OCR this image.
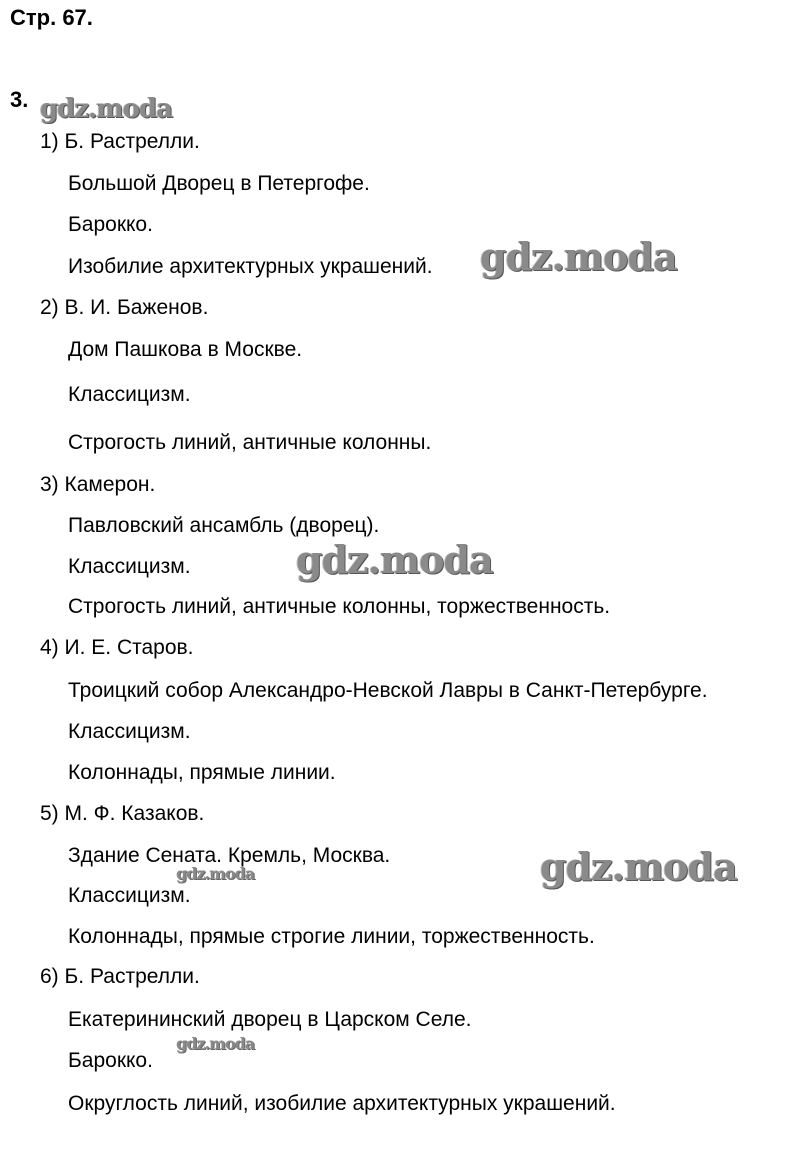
Стр. 67.
3.
1) Б. Растрелли.
Большой Дворец в Петергофе.
Барокко.
Изобилие архитектурных украшений.
2) В. И. Баженов.
Дом Пашкова в Москве.
Классицизм.
Строгость линий, античные колонны.
3) Камерон.
Павловский ансамбль (дворец).
Классицизм.
Строгость линий, античные колонны, торжественность.
4) И. Е. Старов.
Троицкий собор Александро-Невской Лавры в Санкт-Петербурге.
Классицизм.
Колоннады, прямые линии.
5) М. Ф. Казаков.
Здание Сената. Кремль, Москва.
Классицизм.
Колоннады, прямые строгие линии, торжественность.
6) Б. Растрелли.
Екатерининский дворец в Царском Селе.
Барокко.
Округлость линий, изобилие архитектурных украшений.
gdz.moda
gdz.moda
gdz.moda
gdz.moda
gdz.moda
gdz.moda
